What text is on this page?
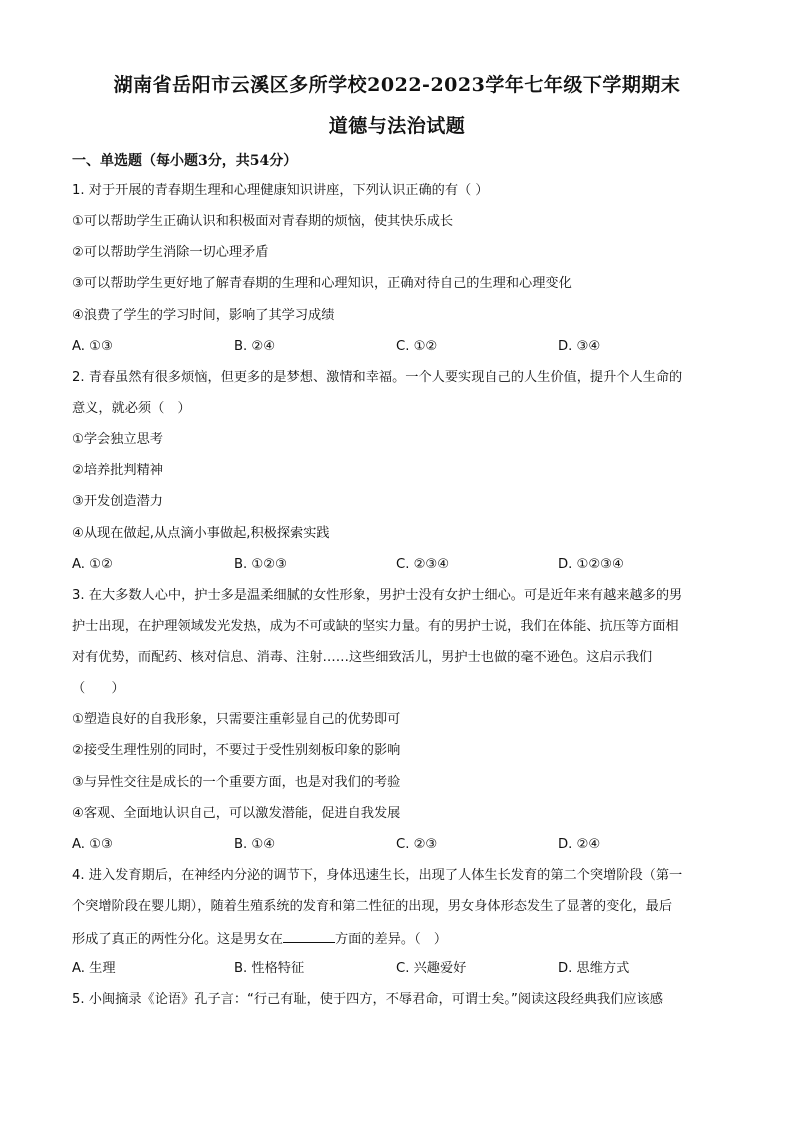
湖南省岳阳市云溪区多所学校2022-2023学年七年级下学期期末
道德与法治试题
一、单选题（每小题3分，共54分）
1. 对于开展的青春期生理和心理健康知识讲座，下列认识正确的有（ ）
①可以帮助学生正确认识和积极面对青春期的烦恼，使其快乐成长
②可以帮助学生消除一切心理矛盾
③可以帮助学生更好地了解青春期的生理和心理知识，正确对待自己的生理和心理变化
④浪费了学生的学习时间，影响了其学习成绩
A. ①③	B. ②④	C. ①②	D. ③④
2. 青春虽然有很多烦恼，但更多的是梦想、激情和幸福。一个人要实现自己的人生价值，提升个人生命的
意义，就必须（　）
①学会独立思考
②培养批判精神
③开发创造潜力
④从现在做起,从点滴小事做起,积极探索实践
A. ①②	B. ①②③	C. ②③④	D. ①②③④
3. 在大多数人心中，护士多是温柔细腻的女性形象，男护士没有女护士细心。可是近年来有越来越多的男
护士出现，在护理领域发光发热，成为不可或缺的坚实力量。有的男护士说，我们在体能、抗压等方面相
对有优势，而配药、核对信息、消毒、注射……这些细致活儿，男护士也做的毫不逊色。这启示我们
（　　）
①塑造良好的自我形象，只需要注重彰显自己的优势即可
②接受生理性别的同时，不要过于受性别刻板印象的影响
③与异性交往是成长的一个重要方面，也是对我们的考验
④客观、全面地认识自己，可以激发潜能，促进自我发展
A. ①③	B. ①④	C. ②③	D. ②④
4. 进入发育期后，在神经内分泌的调节下，身体迅速生长，出现了人体生长发育的第二个突增阶段（第一
个突增阶段在婴儿期），随着生殖系统的发育和第二性征的出现，男女身体形态发生了显著的变化，最后
形成了真正的两性分化。这是男女在	方面的差异。（　）
A. 生理	B. 性格特征	C. 兴趣爱好	D. 思维方式
5. 小闽摘录《论语》孔子言：“行己有耻，使于四方，不辱君命，可谓士矣。”阅读这段经典我们应该感
